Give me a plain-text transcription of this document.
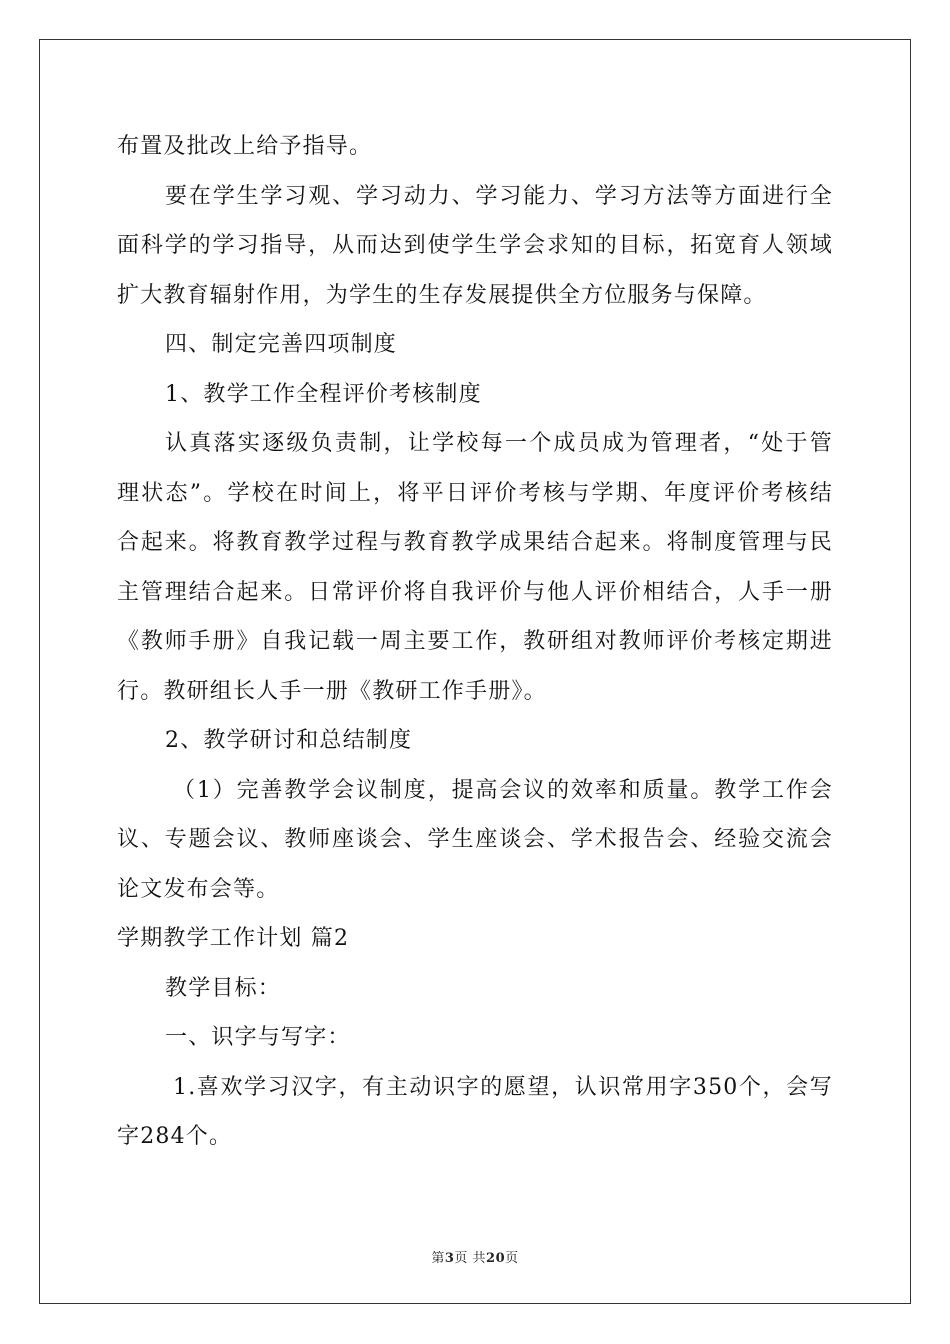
布置及批改上给予指导。
要在学生学习观、学习动力、学习能力、学习方法等方面进行全
面科学的学习指导，从而达到使学生学会求知的目标，拓宽育人领域
扩大教育辐射作用，为学生的生存发展提供全方位服务与保障。
四、制定完善四项制度
1、教学工作全程评价考核制度
认真落实逐级负责制，让学校每一个成员成为管理者，“处于管
理状态”。学校在时间上，将平日评价考核与学期、年度评价考核结
合起来。将教育教学过程与教育教学成果结合起来。将制度管理与民
主管理结合起来。日常评价将自我评价与他人评价相结合，人手一册
《教师手册》自我记载一周主要工作，教研组对教师评价考核定期进
行。教研组长人手一册《教研工作手册》。
2、教学研讨和总结制度
（1）完善教学会议制度，提高会议的效率和质量。教学工作会
议、专题会议、教师座谈会、学生座谈会、学术报告会、经验交流会
论文发布会等。
学期教学工作计划 篇2
教学目标：
一、识字与写字：
1.喜欢学习汉字，有主动识字的愿望，认识常用字350个，会写
字284个。
第3页 共20页
